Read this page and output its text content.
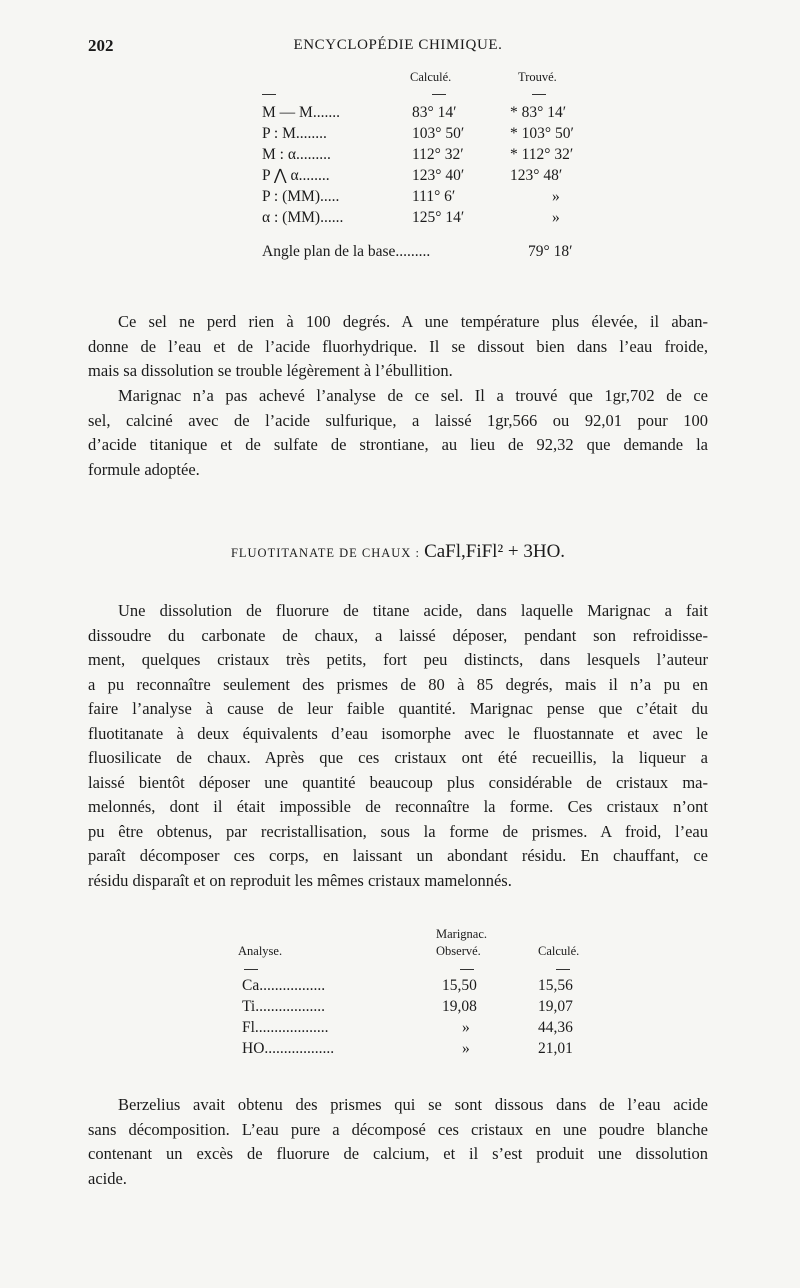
202	ENCYCLOPÉDIE CHIMIQUE.
Calculé.	Trouvé.
M — M.......	83° 14′	* 83° 14′
P : M........	103° 50′	* 103° 50′
M : α.........	112° 32′	* 112° 32′
P ⋀ α........	123° 40′	123° 48′
P : (MM).....	111° 6′	»
α : (MM)......	125° 14′	»
Angle plan de la base.........	79° 18′
Ce sel ne perd rien à 100 degrés. A une température plus élevée, il aban-
donne de l’eau et de l’acide fluorhydrique. Il se dissout bien dans l’eau froide,
mais sa dissolution se trouble légèrement à l’ébullition.
Marignac n’a pas achevé l’analyse de ce sel. Il a trouvé que 1gr,702 de ce
sel, calciné avec de l’acide sulfurique, a laissé 1gr,566 ou 92,01 pour 100
d’acide titanique et de sulfate de strontiane, au lieu de 92,32 que demande la
formule adoptée.
FLUOTITANATE DE CHAUX : CaFl,FiFl² + 3HO.
Une dissolution de fluorure de titane acide, dans laquelle Marignac a fait
dissoudre du carbonate de chaux, a laissé déposer, pendant son refroidisse-
ment, quelques cristaux très petits, fort peu distincts, dans lesquels l’auteur
a pu reconnaître seulement des prismes de 80 à 85 degrés, mais il n’a pu en
faire l’analyse à cause de leur faible quantité. Marignac pense que c’était du
fluotitanate à deux équivalents d’eau isomorphe avec le fluostannate et avec le
fluosilicate de chaux. Après que ces cristaux ont été recueillis, la liqueur a
laissé bientôt déposer une quantité beaucoup plus considérable de cristaux ma-
melonnés, dont il était impossible de reconnaître la forme. Ces cristaux n’ont
pu être obtenus, par recristallisation, sous la forme de prismes. A froid, l’eau
paraît décomposer ces corps, en laissant un abondant résidu. En chauffant, ce
résidu disparaît et on reproduit les mêmes cristaux mamelonnés.
Analyse.
Marignac.
Observé.	Calculé.
Ca.................	15,50	15,56
Ti..................	19,08	19,07
Fl...................	»	44,36
HO..................	»	21,01
Berzelius avait obtenu des prismes qui se sont dissous dans de l’eau acide
sans décomposition. L’eau pure a décomposé ces cristaux en une poudre blanche
contenant un excès de fluorure de calcium, et il s’est produit une dissolution
acide.
